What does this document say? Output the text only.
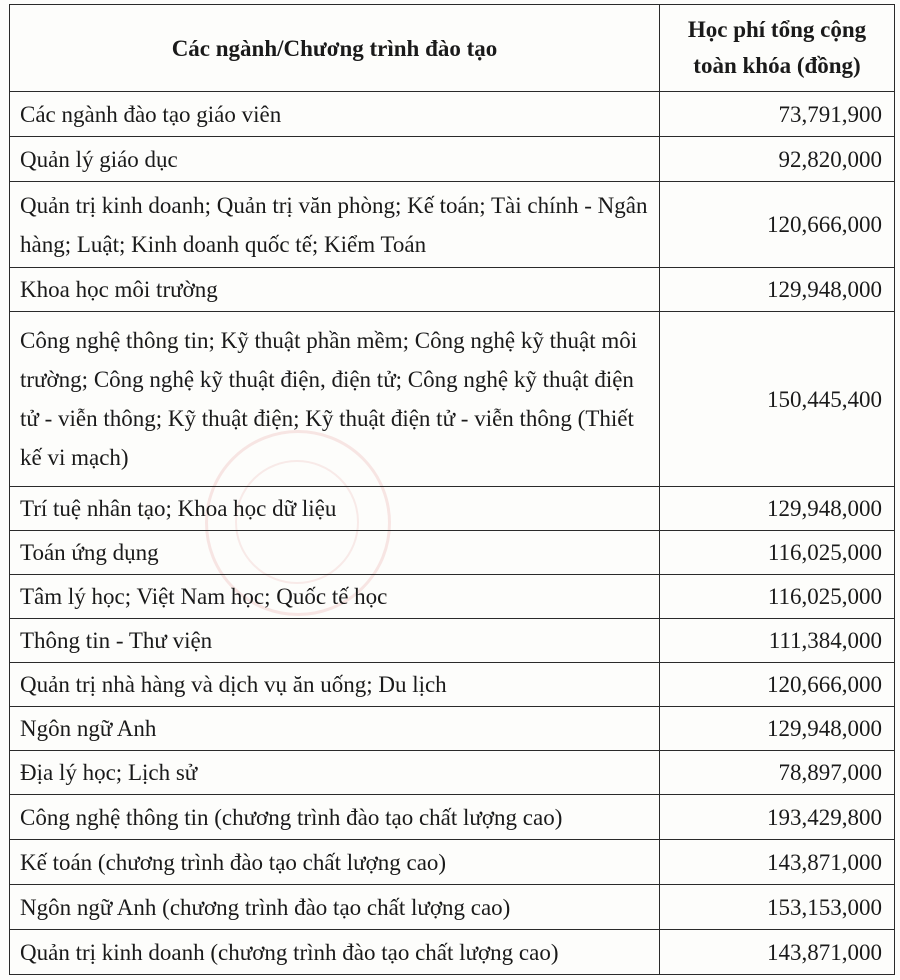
Các ngành/Chương trình đào tạo	Học phí tổng cộng
toàn khóa (đồng)
Các ngành đào tạo giáo viên	73,791,900
Quản lý giáo dục	92,820,000
Quản trị kinh doanh; Quản trị văn phòng; Kế toán; Tài chính - Ngân hàng; Luật; Kinh doanh quốc tế; Kiểm Toán	120,666,000
Khoa học môi trường	129,948,000
Công nghệ thông tin; Kỹ thuật phần mềm; Công nghệ kỹ thuật môi trường; Công nghệ kỹ thuật điện, điện tử; Công nghệ kỹ thuật điện tử - viễn thông; Kỹ thuật điện; Kỹ thuật điện tử - viễn thông (Thiết kế vi mạch)	150,445,400
Trí tuệ nhân tạo; Khoa học dữ liệu	129,948,000
Toán ứng dụng	116,025,000
Tâm lý học; Việt Nam học; Quốc tế học	116,025,000
Thông tin - Thư viện	111,384,000
Quản trị nhà hàng và dịch vụ ăn uống; Du lịch	120,666,000
Ngôn ngữ Anh	129,948,000
Địa lý học; Lịch sử	78,897,000
Công nghệ thông tin (chương trình đào tạo chất lượng cao)	193,429,800
Kế toán (chương trình đào tạo chất lượng cao)	143,871,000
Ngôn ngữ Anh (chương trình đào tạo chất lượng cao)	153,153,000
Quản trị kinh doanh (chương trình đào tạo chất lượng cao)	143,871,000
